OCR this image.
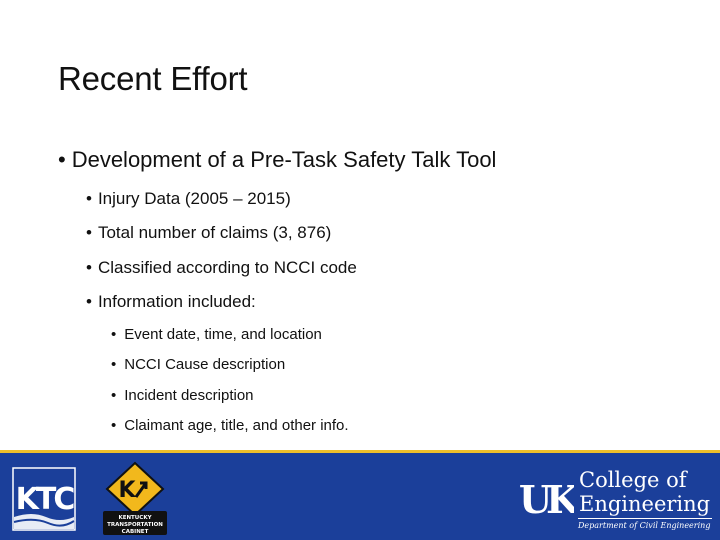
Recent Effort
• Development of a Pre-Task Safety Talk Tool
• Injury Data (2005 – 2015)
• Total number of claims (3, 876)
• Classified according to NCCI code
• Information included:
• Event date, time, and location
• NCCI Cause description
• Incident description
• Claimant age, title, and other info.
KTC K
KENTUCKY
TRANSPORTATION
CABINET
UK College of
Engineering
Department of Civil Engineering
